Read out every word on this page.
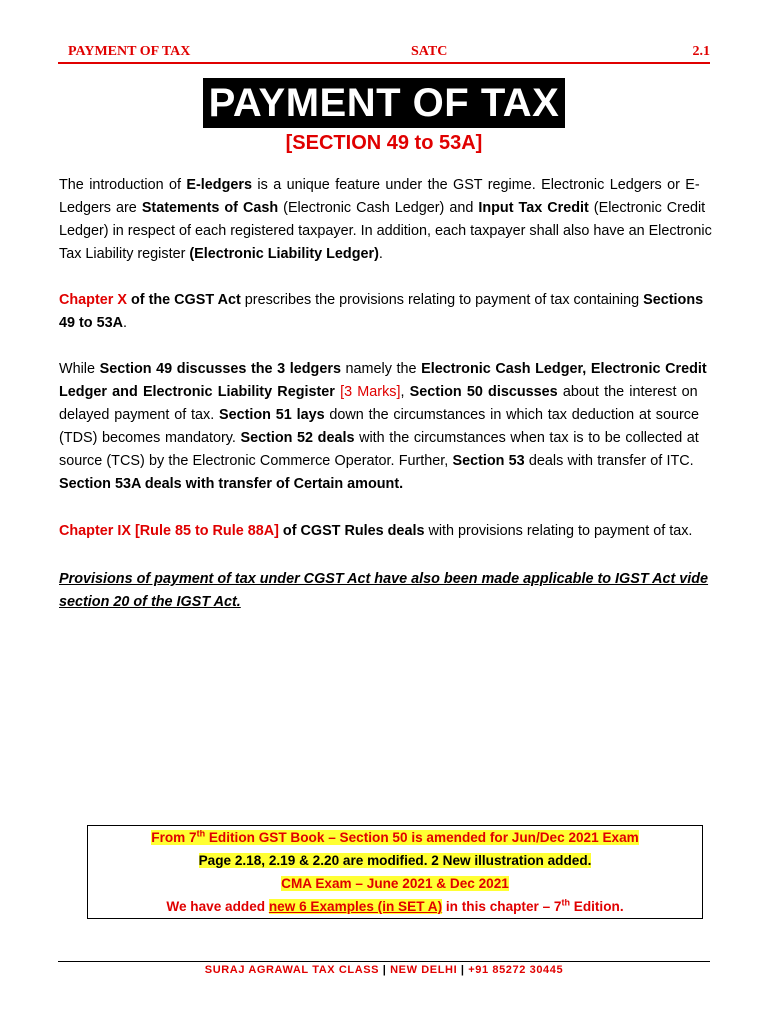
PAYMENT OF TAX	SATC	2.1
PAYMENT OF TAX
[SECTION 49 to 53A]
The introduction of E-ledgers is a unique feature under the GST regime. Electronic Ledgers or E-
Ledgers are Statements of Cash (Electronic Cash Ledger) and Input Tax Credit (Electronic Credit
Ledger) in respect of each registered taxpayer. In addition, each taxpayer shall also have an Electronic
Tax Liability register (Electronic Liability Ledger).
Chapter X of the CGST Act prescribes the provisions relating to payment of tax containing Sections
49 to 53A.
While Section 49 discusses the 3 ledgers namely the Electronic Cash Ledger, Electronic Credit
Ledger and Electronic Liability Register [3 Marks], Section 50 discusses about the interest on
delayed payment of tax. Section 51 lays down the circumstances in which tax deduction at source
(TDS) becomes mandatory. Section 52 deals with the circumstances when tax is to be collected at
source (TCS) by the Electronic Commerce Operator. Further, Section 53 deals with transfer of ITC.
Section 53A deals with transfer of Certain amount.
Chapter IX [Rule 85 to Rule 88A] of CGST Rules deals with provisions relating to payment of tax.
Provisions of payment of tax under CGST Act have also been made applicable to IGST Act vide
section 20 of the IGST Act.
From 7th Edition GST Book – Section 50 is amended for Jun/Dec 2021 Exam
Page 2.18, 2.19 & 2.20 are modified. 2 New illustration added.
CMA Exam – June 2021 & Dec 2021
We have added new 6 Examples (in SET A) in this chapter – 7th Edition.
SURAJ AGRAWAL TAX CLASS | NEW DELHI | +91 85272 30445
